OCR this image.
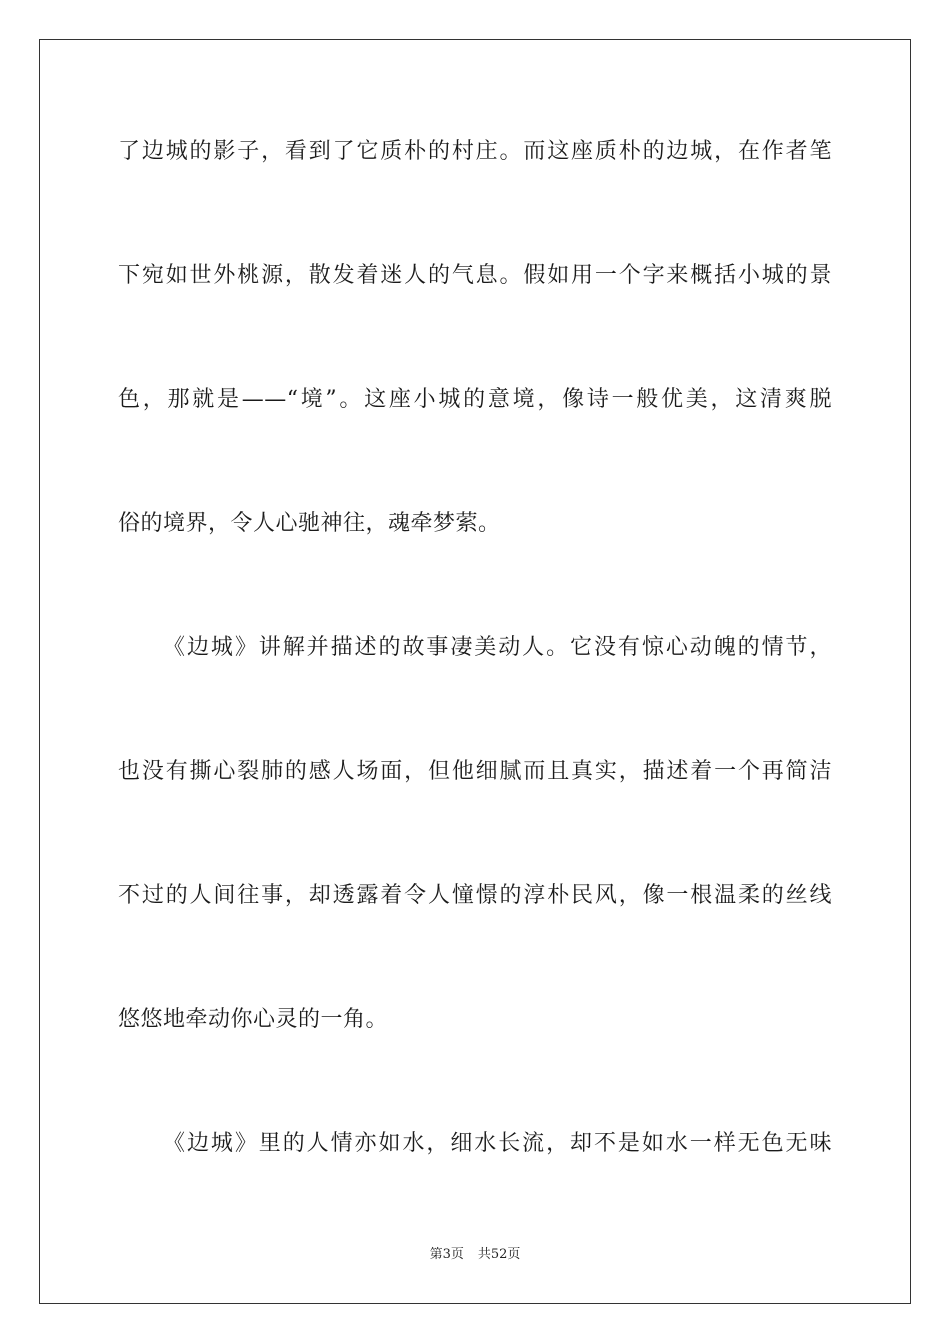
了边城的影子，看到了它质朴的村庄。而这座质朴的边城，在作者笔
下宛如世外桃源，散发着迷人的气息。假如用一个字来概括小城的景
色，那就是——“境”。这座小城的意境，像诗一般优美，这清爽脱
俗的境界，令人心驰神往，魂牵梦萦。
《边城》讲解并描述的故事凄美动人。它没有惊心动魄的情节，
也没有撕心裂肺的感人场面，但他细腻而且真实，描述着一个再简洁
不过的人间往事，却透露着令人憧憬的淳朴民风，像一根温柔的丝线
悠悠地牵动你心灵的一角。
《边城》里的人情亦如水，细水长流，却不是如水一样无色无味
第3页 共52页
